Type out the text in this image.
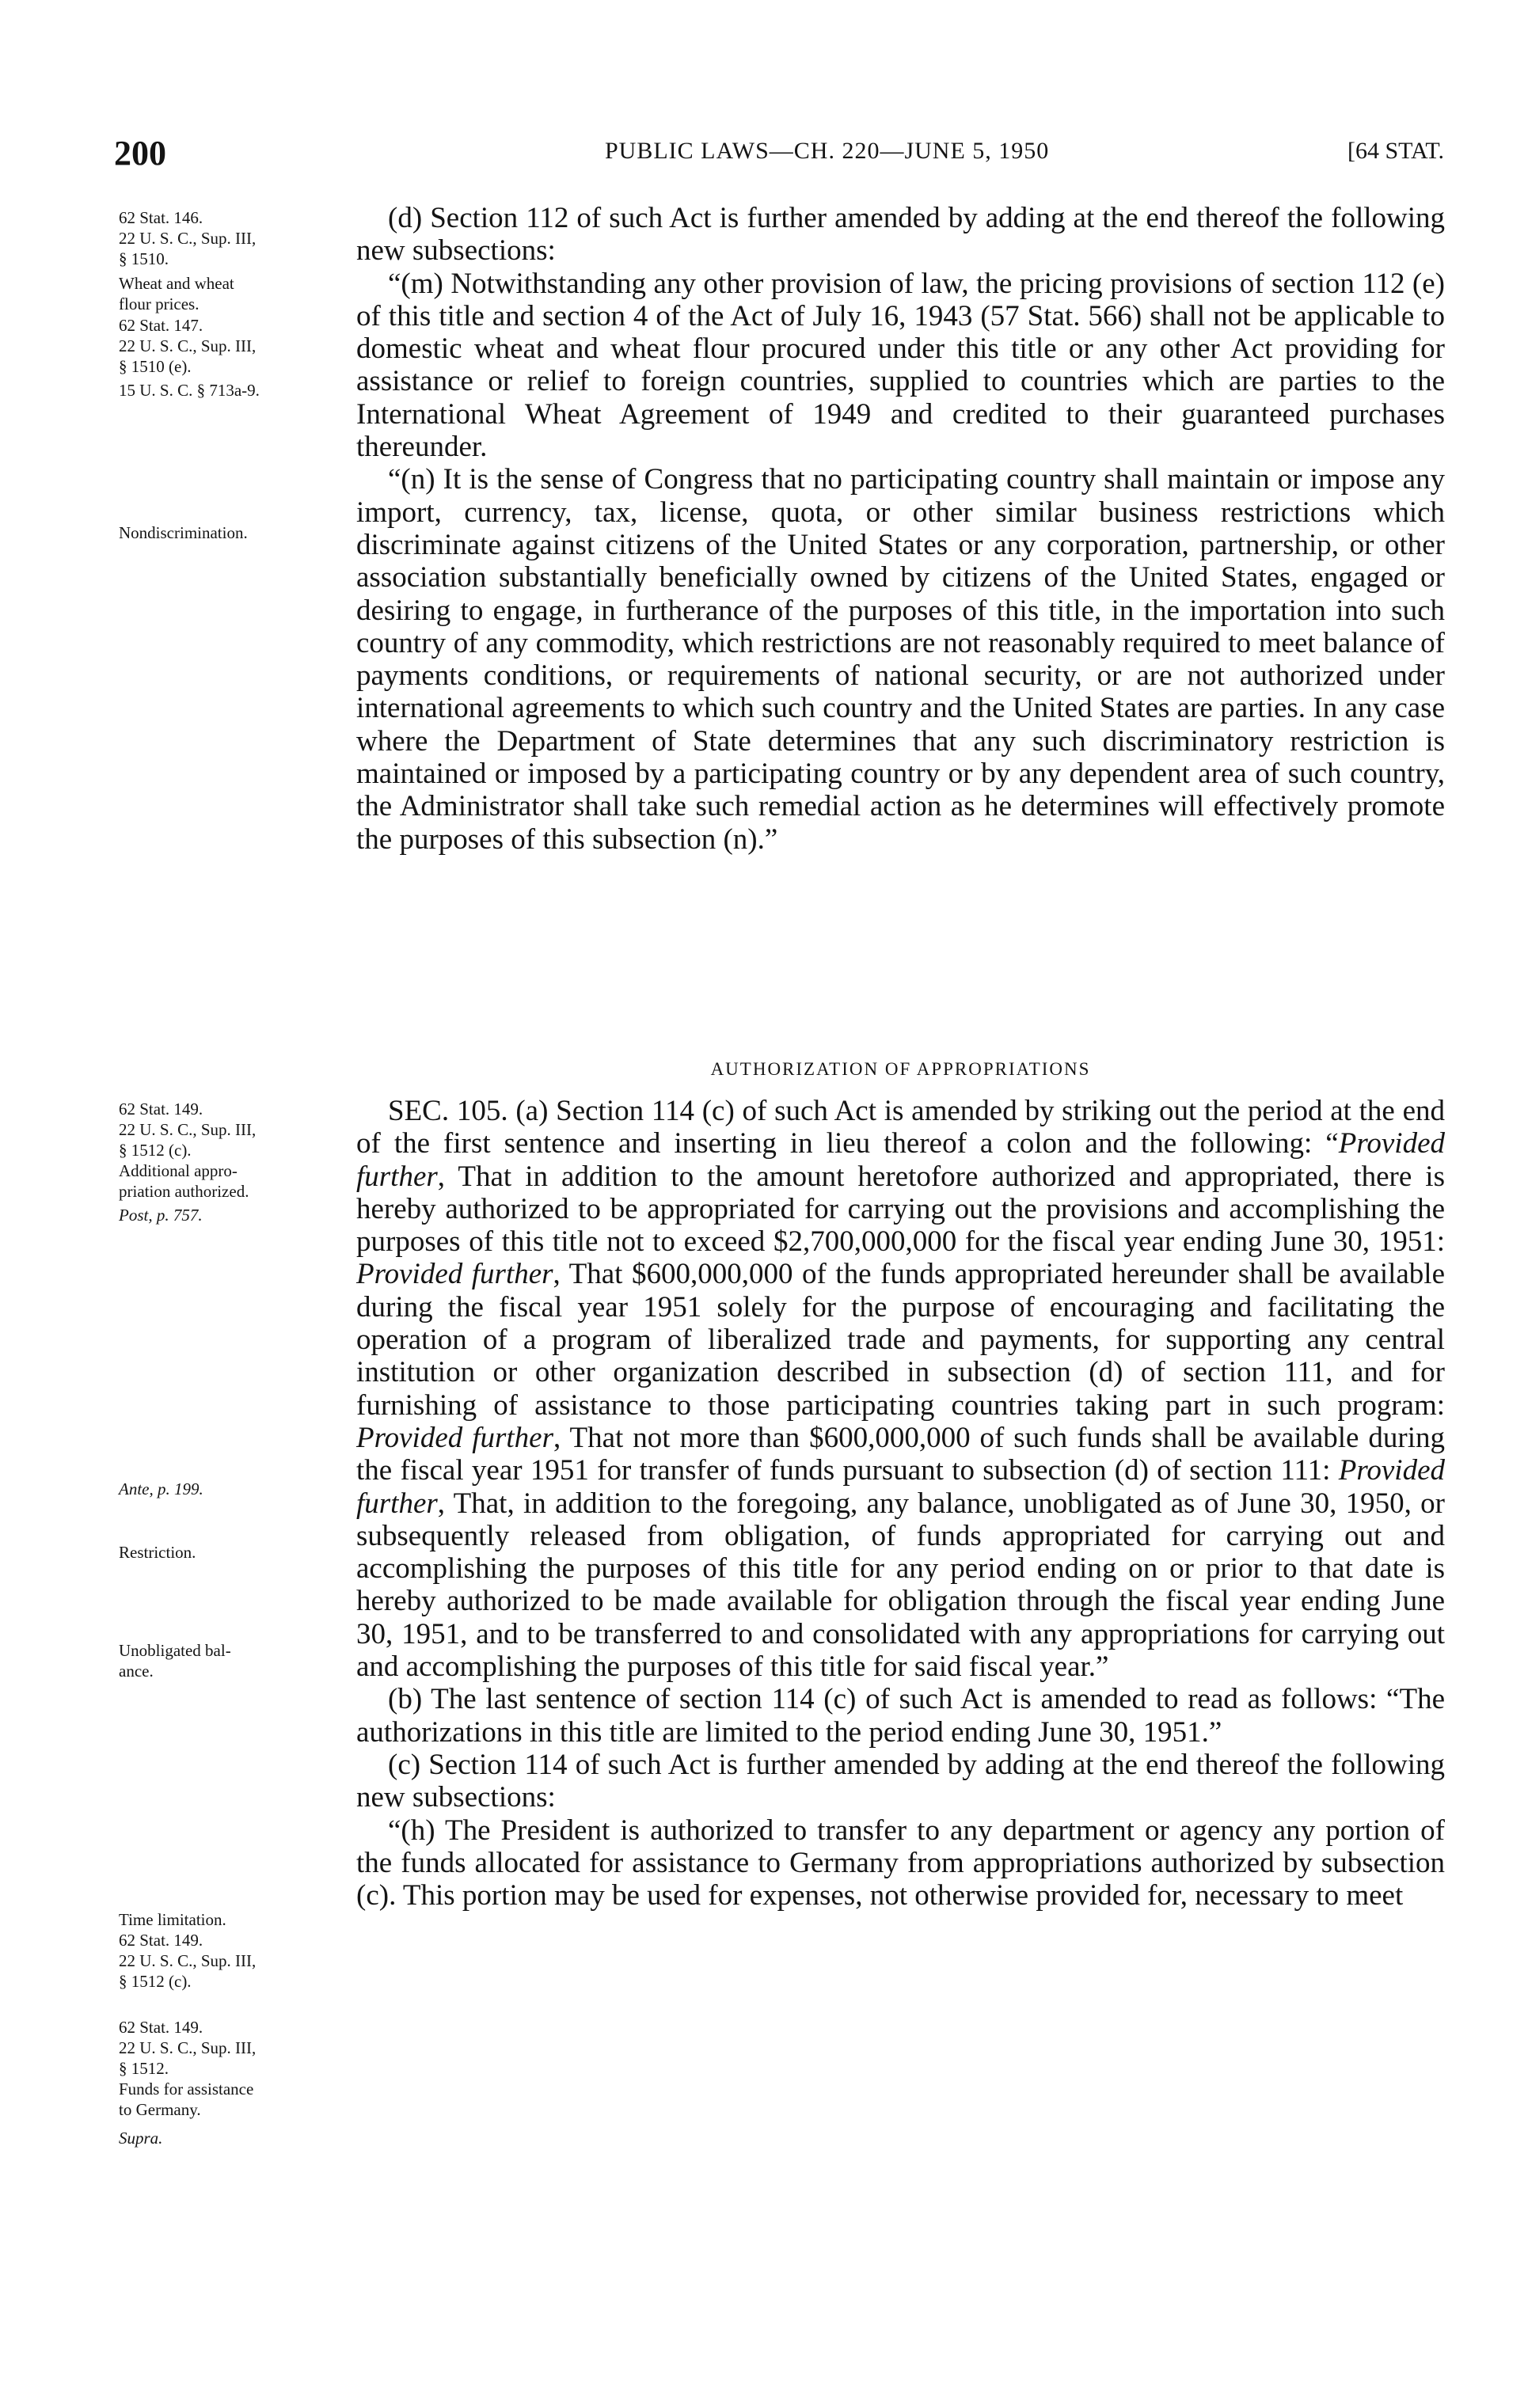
200	PUBLIC LAWS—CH. 220—JUNE 5, 1950	[64 STAT.
62 Stat. 146.
22 U. S. C., Sup. III,
§ 1510.
Wheat and wheat
flour prices.
62 Stat. 147.
22 U. S. C., Sup. III,
§ 1510 (e).
15 U. S. C. § 713a-9.
Nondiscrimination.
62 Stat. 149.
22 U. S. C., Sup. III,
§ 1512 (c).
Additional appro-
priation authorized.
Post, p. 757.
Ante, p. 199.
Restriction.
Unobligated bal-
ance.
Time limitation.
62 Stat. 149.
22 U. S. C., Sup. III,
§ 1512 (c).
62 Stat. 149.
22 U. S. C., Sup. III,
§ 1512.
Funds for assistance
to Germany.
Supra.

(d) Section 112 of such Act is further amended by adding at the end thereof the following new subsections:

“(m) Notwithstanding any other provision of law, the pricing provisions of section 112 (e) of this title and section 4 of the Act of July 16, 1943 (57 Stat. 566) shall not be applicable to domestic wheat and wheat flour procured under this title or any other Act providing for assistance or relief to foreign countries, supplied to countries which are parties to the International Wheat Agreement of 1949 and credited to their guaranteed purchases thereunder.

“(n) It is the sense of Congress that no participating country shall maintain or impose any import, currency, tax, license, quota, or other similar business restrictions which discriminate against citizens of the United States or any corporation, partnership, or other association substantially beneficially owned by citizens of the United States, engaged or desiring to engage, in furtherance of the purposes of this title, in the importation into such country of any commodity, which restrictions are not reasonably required to meet balance of payments conditions, or requirements of national security, or are not authorized under international agreements to which such country and the United States are parties. In any case where the Department of State determines that any such discriminatory restriction is maintained or imposed by a participating country or by any dependent area of such country, the Administrator shall take such remedial action as he determines will effectively promote the purposes of this subsection (n).”

AUTHORIZATION OF APPROPRIATIONS

SEC. 105. (a) Section 114 (c) of such Act is amended by striking out the period at the end of the first sentence and inserting in lieu thereof a colon and the following: “Provided further, That in addition to the amount heretofore authorized and appropriated, there is hereby authorized to be appropriated for carrying out the provisions and accomplishing the purposes of this title not to exceed $2,700,000,000 for the fiscal year ending June 30, 1951: Provided further, That $600,000,000 of the funds appropriated hereunder shall be available during the fiscal year 1951 solely for the purpose of encouraging and facilitating the operation of a program of liberalized trade and payments, for supporting any central institution or other organization described in subsection (d) of section 111, and for furnishing of assistance to those participating countries taking part in such program: Provided further, That not more than $600,000,000 of such funds shall be available during the fiscal year 1951 for transfer of funds pursuant to subsection (d) of section 111: Provided further, That, in addition to the foregoing, any balance, unobligated as of June 30, 1950, or subsequently released from obligation, of funds appropriated for carrying out and accomplishing the purposes of this title for any period ending on or prior to that date is hereby authorized to be made available for obligation through the fiscal year ending June 30, 1951, and to be transferred to and consolidated with any appropriations for carrying out and accomplishing the purposes of this title for said fiscal year.”

(b) The last sentence of section 114 (c) of such Act is amended to read as follows: “The authorizations in this title are limited to the period ending June 30, 1951.”

(c) Section 114 of such Act is further amended by adding at the end thereof the following new subsections:

“(h) The President is authorized to transfer to any department or agency any portion of the funds allocated for assistance to Germany from appropriations authorized by subsection (c). This portion may be used for expenses, not otherwise provided for, necessary to meet
